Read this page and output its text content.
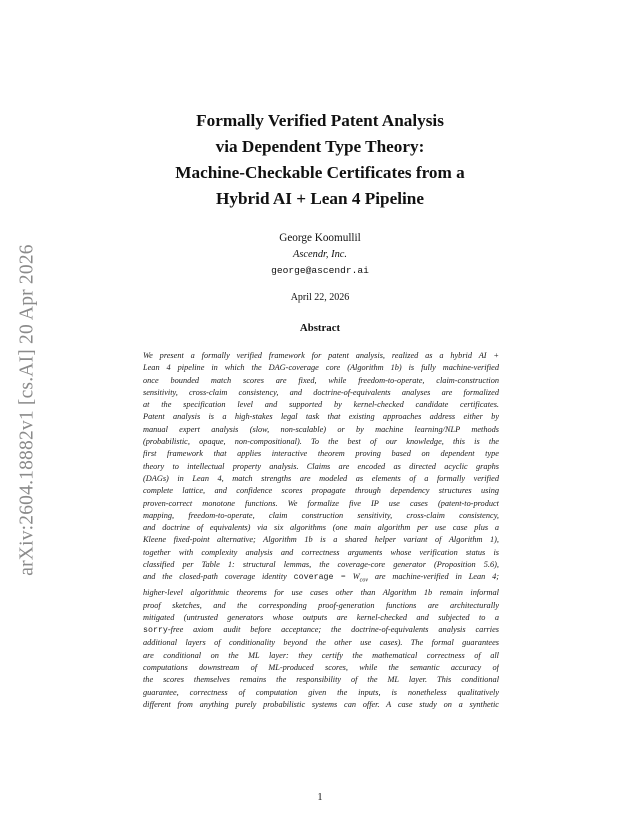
arXiv:2604.18882v1 [cs.AI] 20 Apr 2026
Formally Verified Patent Analysis
via Dependent Type Theory:
Machine-Checkable Certificates from a
Hybrid AI + Lean 4 Pipeline
George Koomullil
Ascendr, Inc.
george@ascendr.ai
April 22, 2026
Abstract
We present a formally verified framework for patent analysis, realized as a hybrid AI +
Lean 4 pipeline in which the DAG-coverage core (Algorithm 1b) is fully machine-verified
once bounded match scores are fixed, while freedom-to-operate, claim-construction
sensitivity, cross-claim consistency, and doctrine-of-equivalents analyses are formalized
at the specification level and supported by kernel-checked candidate certificates.
Patent analysis is a high-stakes legal task that existing approaches address either by
manual expert analysis (slow, non-scalable) or by machine learning/NLP methods
(probabilistic, opaque, non-compositional). To the best of our knowledge, this is the
first framework that applies interactive theorem proving based on dependent type
theory to intellectual property analysis. Claims are encoded as directed acyclic graphs
(DAGs) in Lean 4, match strengths are modeled as elements of a formally verified
complete lattice, and confidence scores propagate through dependency structures using
proven-correct monotone functions. We formalize five IP use cases (patent-to-product
mapping, freedom-to-operate, claim construction sensitivity, cross-claim consistency,
and doctrine of equivalents) via six algorithms (one main algorithm per use case plus a
Kleene fixed-point alternative; Algorithm 1b is a shared helper variant of Algorithm 1),
together with complexity analysis and correctness arguments whose verification status is
classified per Table 1: structural lemmas, the coverage-core generator (Proposition 5.6),
and the closed-path coverage identity coverage = $W_{cov}$ are machine-verified in Lean 4;
higher-level algorithmic theorems for use cases other than Algorithm 1b remain informal
proof sketches, and the corresponding proof-generation functions are architecturally
mitigated (untrusted generators whose outputs are kernel-checked and subjected to a
sorry-free axiom audit before acceptance; the doctrine-of-equivalents analysis carries
additional layers of conditionality beyond the other use cases). The formal guarantees
are conditional on the ML layer: they certify the mathematical correctness of all
computations downstream of ML-produced scores, while the semantic accuracy of
the scores themselves remains the responsibility of the ML layer. This conditional
guarantee, correctness of computation given the inputs, is nonetheless qualitatively
different from anything purely probabilistic systems can offer. A case study on a synthetic
1
